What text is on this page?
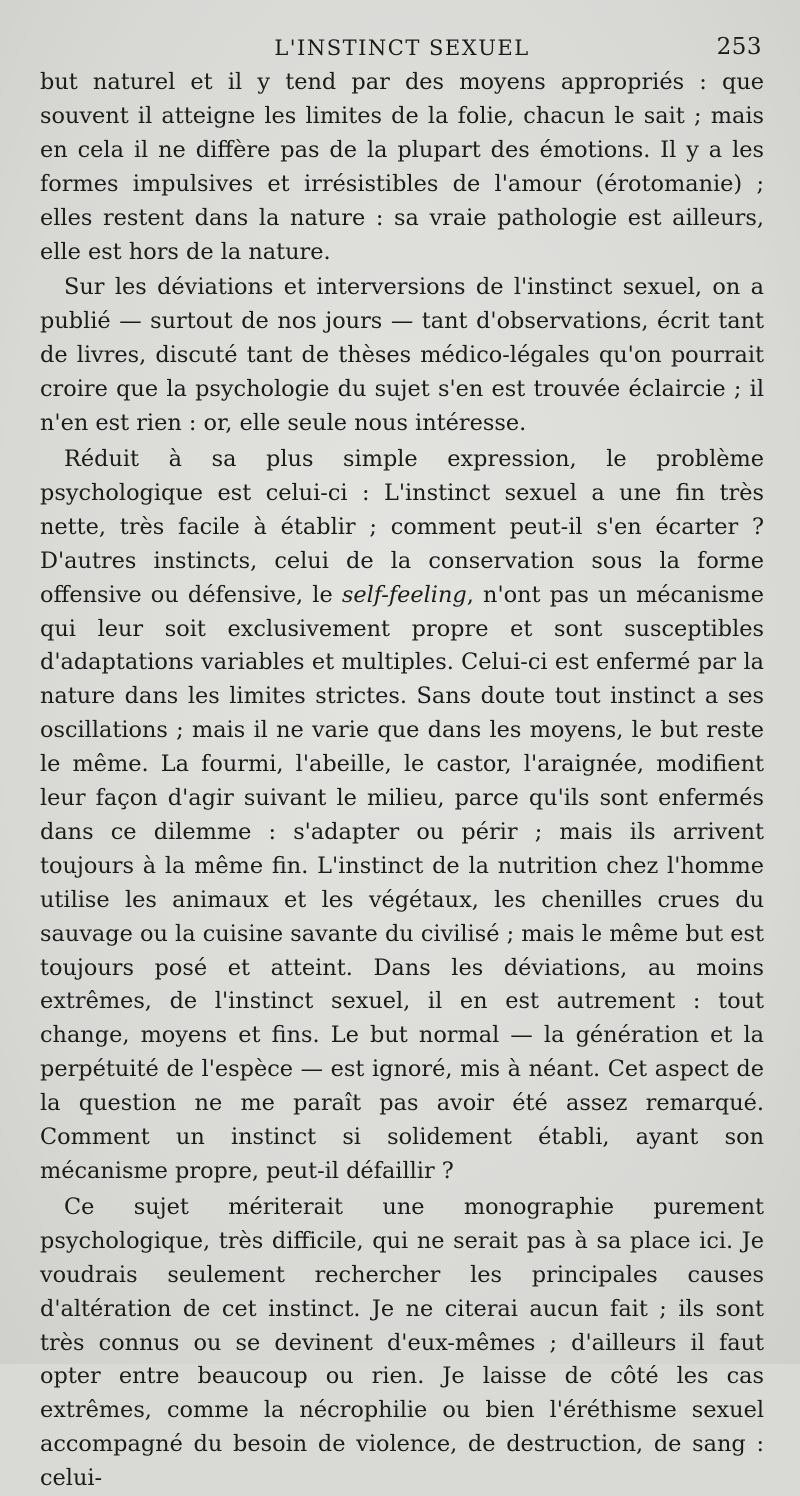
L'INSTINCT SEXUEL	253

but naturel et il y tend par des moyens appropriés : que souvent il atteigne les limites de la folie, chacun le sait ; mais en cela il ne diffère pas de la plupart des émotions. Il y a les formes impulsives et irrésistibles de l'amour (érotomanie) ; elles restent dans la nature : sa vraie pathologie est ailleurs, elle est hors de la nature.

Sur les déviations et interversions de l'instinct sexuel, on a publié — surtout de nos jours — tant d'observations, écrit tant de livres, discuté tant de thèses médico-légales qu'on pourrait croire que la psychologie du sujet s'en est trouvée éclaircie ; il n'en est rien : or, elle seule nous intéresse.

Réduit à sa plus simple expression, le problème psychologique est celui-ci : L'instinct sexuel a une fin très nette, très facile à établir ; comment peut-il s'en écarter ? D'autres instincts, celui de la conservation sous la forme offensive ou défensive, le self-feeling, n'ont pas un mécanisme qui leur soit exclusivement propre et sont susceptibles d'adaptations variables et multiples. Celui-ci est enfermé par la nature dans les limites strictes. Sans doute tout instinct a ses oscillations ; mais il ne varie que dans les moyens, le but reste le même. La fourmi, l'abeille, le castor, l'araignée, modifient leur façon d'agir suivant le milieu, parce qu'ils sont enfermés dans ce dilemme : s'adapter ou périr ; mais ils arrivent toujours à la même fin. L'instinct de la nutrition chez l'homme utilise les animaux et les végétaux, les chenilles crues du sauvage ou la cuisine savante du civilisé ; mais le même but est toujours posé et atteint. Dans les déviations, au moins extrêmes, de l'instinct sexuel, il en est autrement : tout change, moyens et fins. Le but normal — la génération et la perpétuité de l'espèce — est ignoré, mis à néant. Cet aspect de la question ne me paraît pas avoir été assez remarqué. Comment un instinct si solidement établi, ayant son mécanisme propre, peut-il défaillir ?

Ce sujet mériterait une monographie purement psychologique, très difficile, qui ne serait pas à sa place ici. Je voudrais seulement rechercher les principales causes d'altération de cet instinct. Je ne citerai aucun fait ; ils sont très connus ou se devinent d'eux-mêmes ; d'ailleurs il faut opter entre beaucoup ou rien. Je laisse de côté les cas extrêmes, comme la nécrophilie ou bien l'éréthisme sexuel accompagné du besoin de violence, de destruction, de sang : celui-
